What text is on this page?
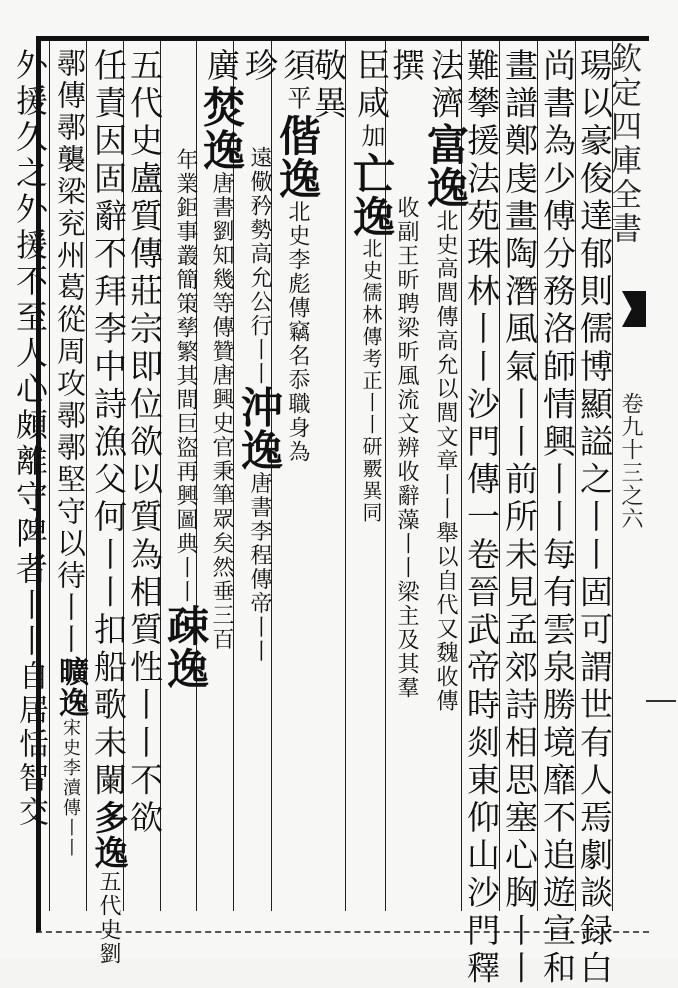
欽定四庫全書
卷九十三之六
瑒以豪俊達郁則儒博顯謚之丨丨固可謂世有人焉劇談録白
尚書為少傅分務洛師情興丨丨每有雲泉勝境靡不追遊宣和
畫譜鄭虔畫陶潛風氣丨丨前所未見孟郊詩相思塞心胸丨丨
難攀援法苑珠林丨丨沙門傳一卷晉武帝時剡東仰山沙門釋
法濟富逸北史高閭傳高允以閭文章丨丨舉以自代又魏收傳
撰收副王昕聘梁昕風流文辨收辭藻丨丨梁主及其羣
臣咸加亡逸北史儒林傳考正丨丨研覈異同
敬異
須平偕逸北史李彪傳竊名忝職身為
珍遠儆矜勢高允公行丨丨沖逸唐書李程傳帝丨丨
廣焚逸唐書劉知幾等傳贊唐興史官秉筆眾矣然垂三百
年業鉅事叢簡策孳繁其間巨盜再興圖典丨丨疎逸
五代史盧質傳莊宗即位欲以質為相質性丨丨不欲
任責因固辭不拜李中詩漁父何丨丨扣船歌未闌多逸五代史劉
鄩傳鄩襲梁兖州葛從周攻鄩鄩堅守以待丨丨曠逸宋史李瀆傳丨丨
外援久之外援不至人心頗離守陴者丨丨自居恬智交
